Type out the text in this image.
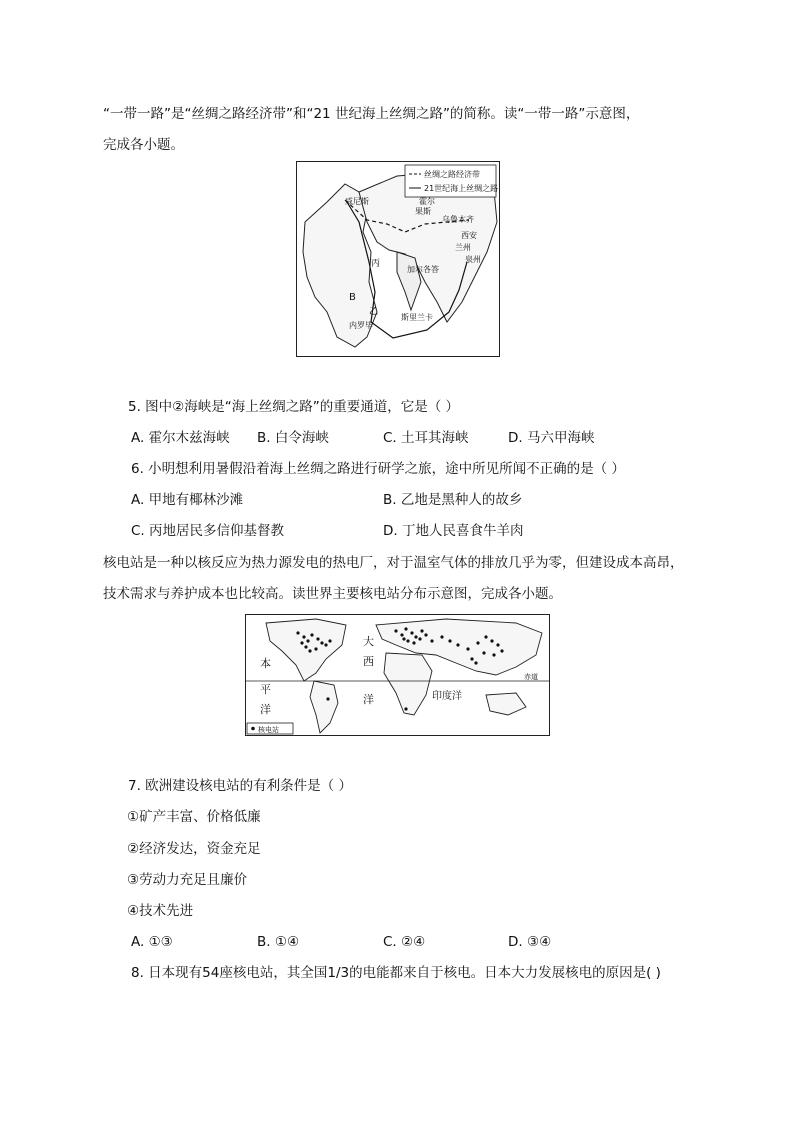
“一带一路”是“丝绸之路经济带”和“21 世纪海上丝绸之路”的简称。读“一带一路”示意图，
完成各小题。
丝绸之路经济带
21世纪海上丝绸之路
威尼斯	霍尔
果斯
乌鲁木齐
西安
兰州
泉州
丙
加尔各答
B
乙
内罗毕
斯里兰卡
5. 图中②海峡是“海上丝绸之路”的重要通道，它是（ ）
A. 霍尔木兹海峡 B. 白令海峡	C. 土耳其海峡	D. 马六甲海峡
6. 小明想利用暑假沿着海上丝绸之路进行研学之旅，途中所见所闻不正确的是（ ）
A. 甲地有椰林沙滩	B. 乙地是黑种人的故乡
C. 丙地居民多信仰基督教	D. 丁地人民喜食牛羊肉
核电站是一种以核反应为热力源发电的热电厂，对于温室气体的排放几乎为零，但建设成本高昂，
技术需求与养护成本也比较高。读世界主要核电站分布示意图，完成各小题。
赤道
本
平
洋
大
西
洋	印度洋
核电站
7. 欧洲建设核电站的有利条件是（ ）
①矿产丰富、价格低廉
②经济发达，资金充足
③劳动力充足且廉价
④技术先进
A. ①③	B. ①④	C. ②④	D. ③④
8. 日本现有54座核电站，其全国1/3的电能都来自于核电。日本大力发展核电的原因是( )
